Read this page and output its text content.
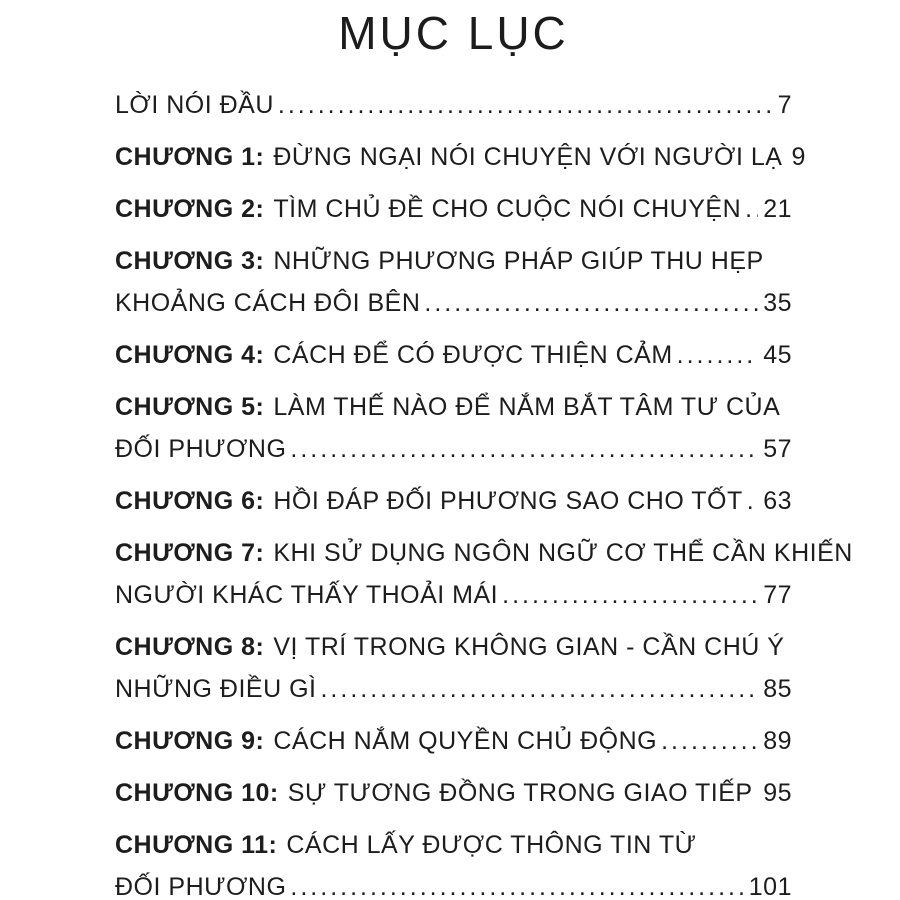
MỤC LỤC
LỜI NÓI ĐẦU .....	7
CHƯƠNG 1: ĐỪNG NGẠI NÓI CHUYỆN VỚI NGƯỜI LẠ 9
CHƯƠNG 2: TÌM CHỦ ĐỀ CHO CUỘC NÓI CHUYỆN ..... 21
CHƯƠNG 3: NHỮNG PHƯƠNG PHÁP GIÚP THU HẸP
KHOẢNG CÁCH ĐÔI BÊN .....	35
CHƯƠNG 4: CÁCH ĐỂ CÓ ĐƯỢC THIỆN CẢM .....	45
CHƯƠNG 5: LÀM THẾ NÀO ĐỂ NẮM BẮT TÂM TƯ CỦA
ĐỐI PHƯƠNG .....	57
CHƯƠNG 6: HỒI ĐÁP ĐỐI PHƯƠNG SAO CHO TỐT ..... 63
CHƯƠNG 7: KHI SỬ DỤNG NGÔN NGỮ CƠ THỂ CẦN KHIẾN
NGƯỜI KHÁC THẤY THOẢI MÁI .....	77
CHƯƠNG 8: VỊ TRÍ TRONG KHÔNG GIAN - CẦN CHÚ Ý
NHỮNG ĐIỀU GÌ .....	85
CHƯƠNG 9: CÁCH NẮM QUYỀN CHỦ ĐỘNG .....	89
CHƯƠNG 10: SỰ TƯƠNG ĐỒNG TRONG GIAO TIẾP ..... 95
CHƯƠNG 11: CÁCH LẤY ĐƯỢC THÔNG TIN TỪ
ĐỐI PHƯƠNG .....	101
